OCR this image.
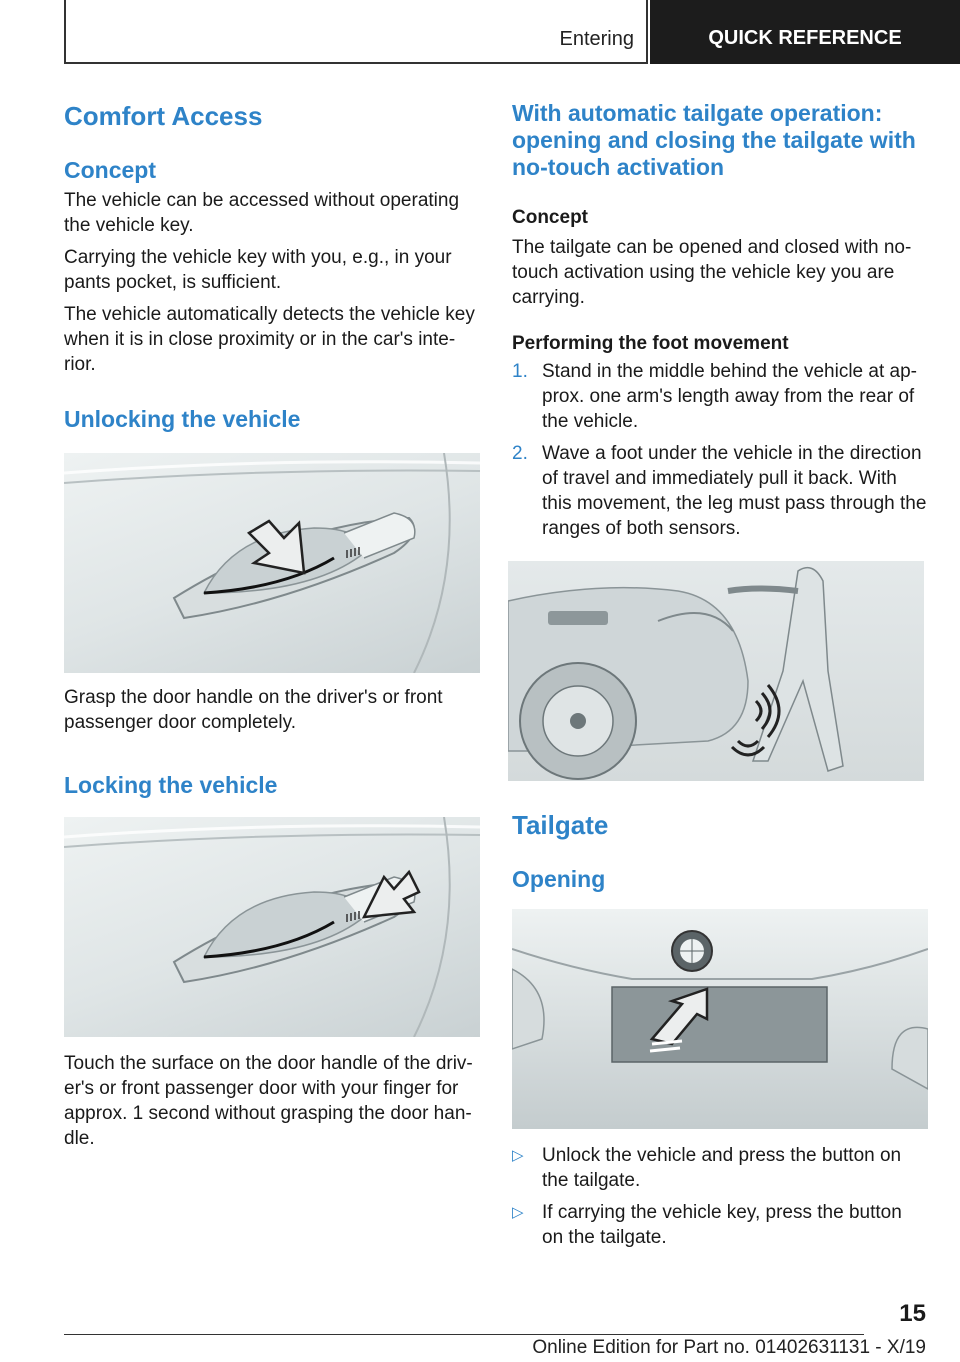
Entering	QUICK REFERENCE
Comfort Access
Concept

The vehicle can be accessed without operating the vehicle key.

Carrying the vehicle key with you, e.g., in your pants pocket, is sufficient.

The vehicle automatically detects the vehicle key when it is in close proximity or in the car's inte-rior.

Unlocking the vehicle

Grasp the door handle on the driver's or front passenger door completely.

Locking the vehicle

Touch the surface on the door handle of the driv-er's or front passenger door with your finger for approx. 1 second without grasping the door han-dle.

With automatic tailgate operation: opening and closing the tailgate with no-touch activation
Concept

The tailgate can be opened and closed with no-touch activation using the vehicle key you are carrying.

Performing the foot movement
1. Stand in the middle behind the vehicle at ap-prox. one arm's length away from the rear of the vehicle.
2. Wave a foot under the vehicle in the direction of travel and immediately pull it back. With this movement, the leg must pass through the ranges of both sensors.
Tailgate
Opening
▷ Unlock the vehicle and press the button on the tailgate.
▷ If carrying the vehicle key, press the button on the tailgate.
15
Online Edition for Part no. 01402631131 - X/19
